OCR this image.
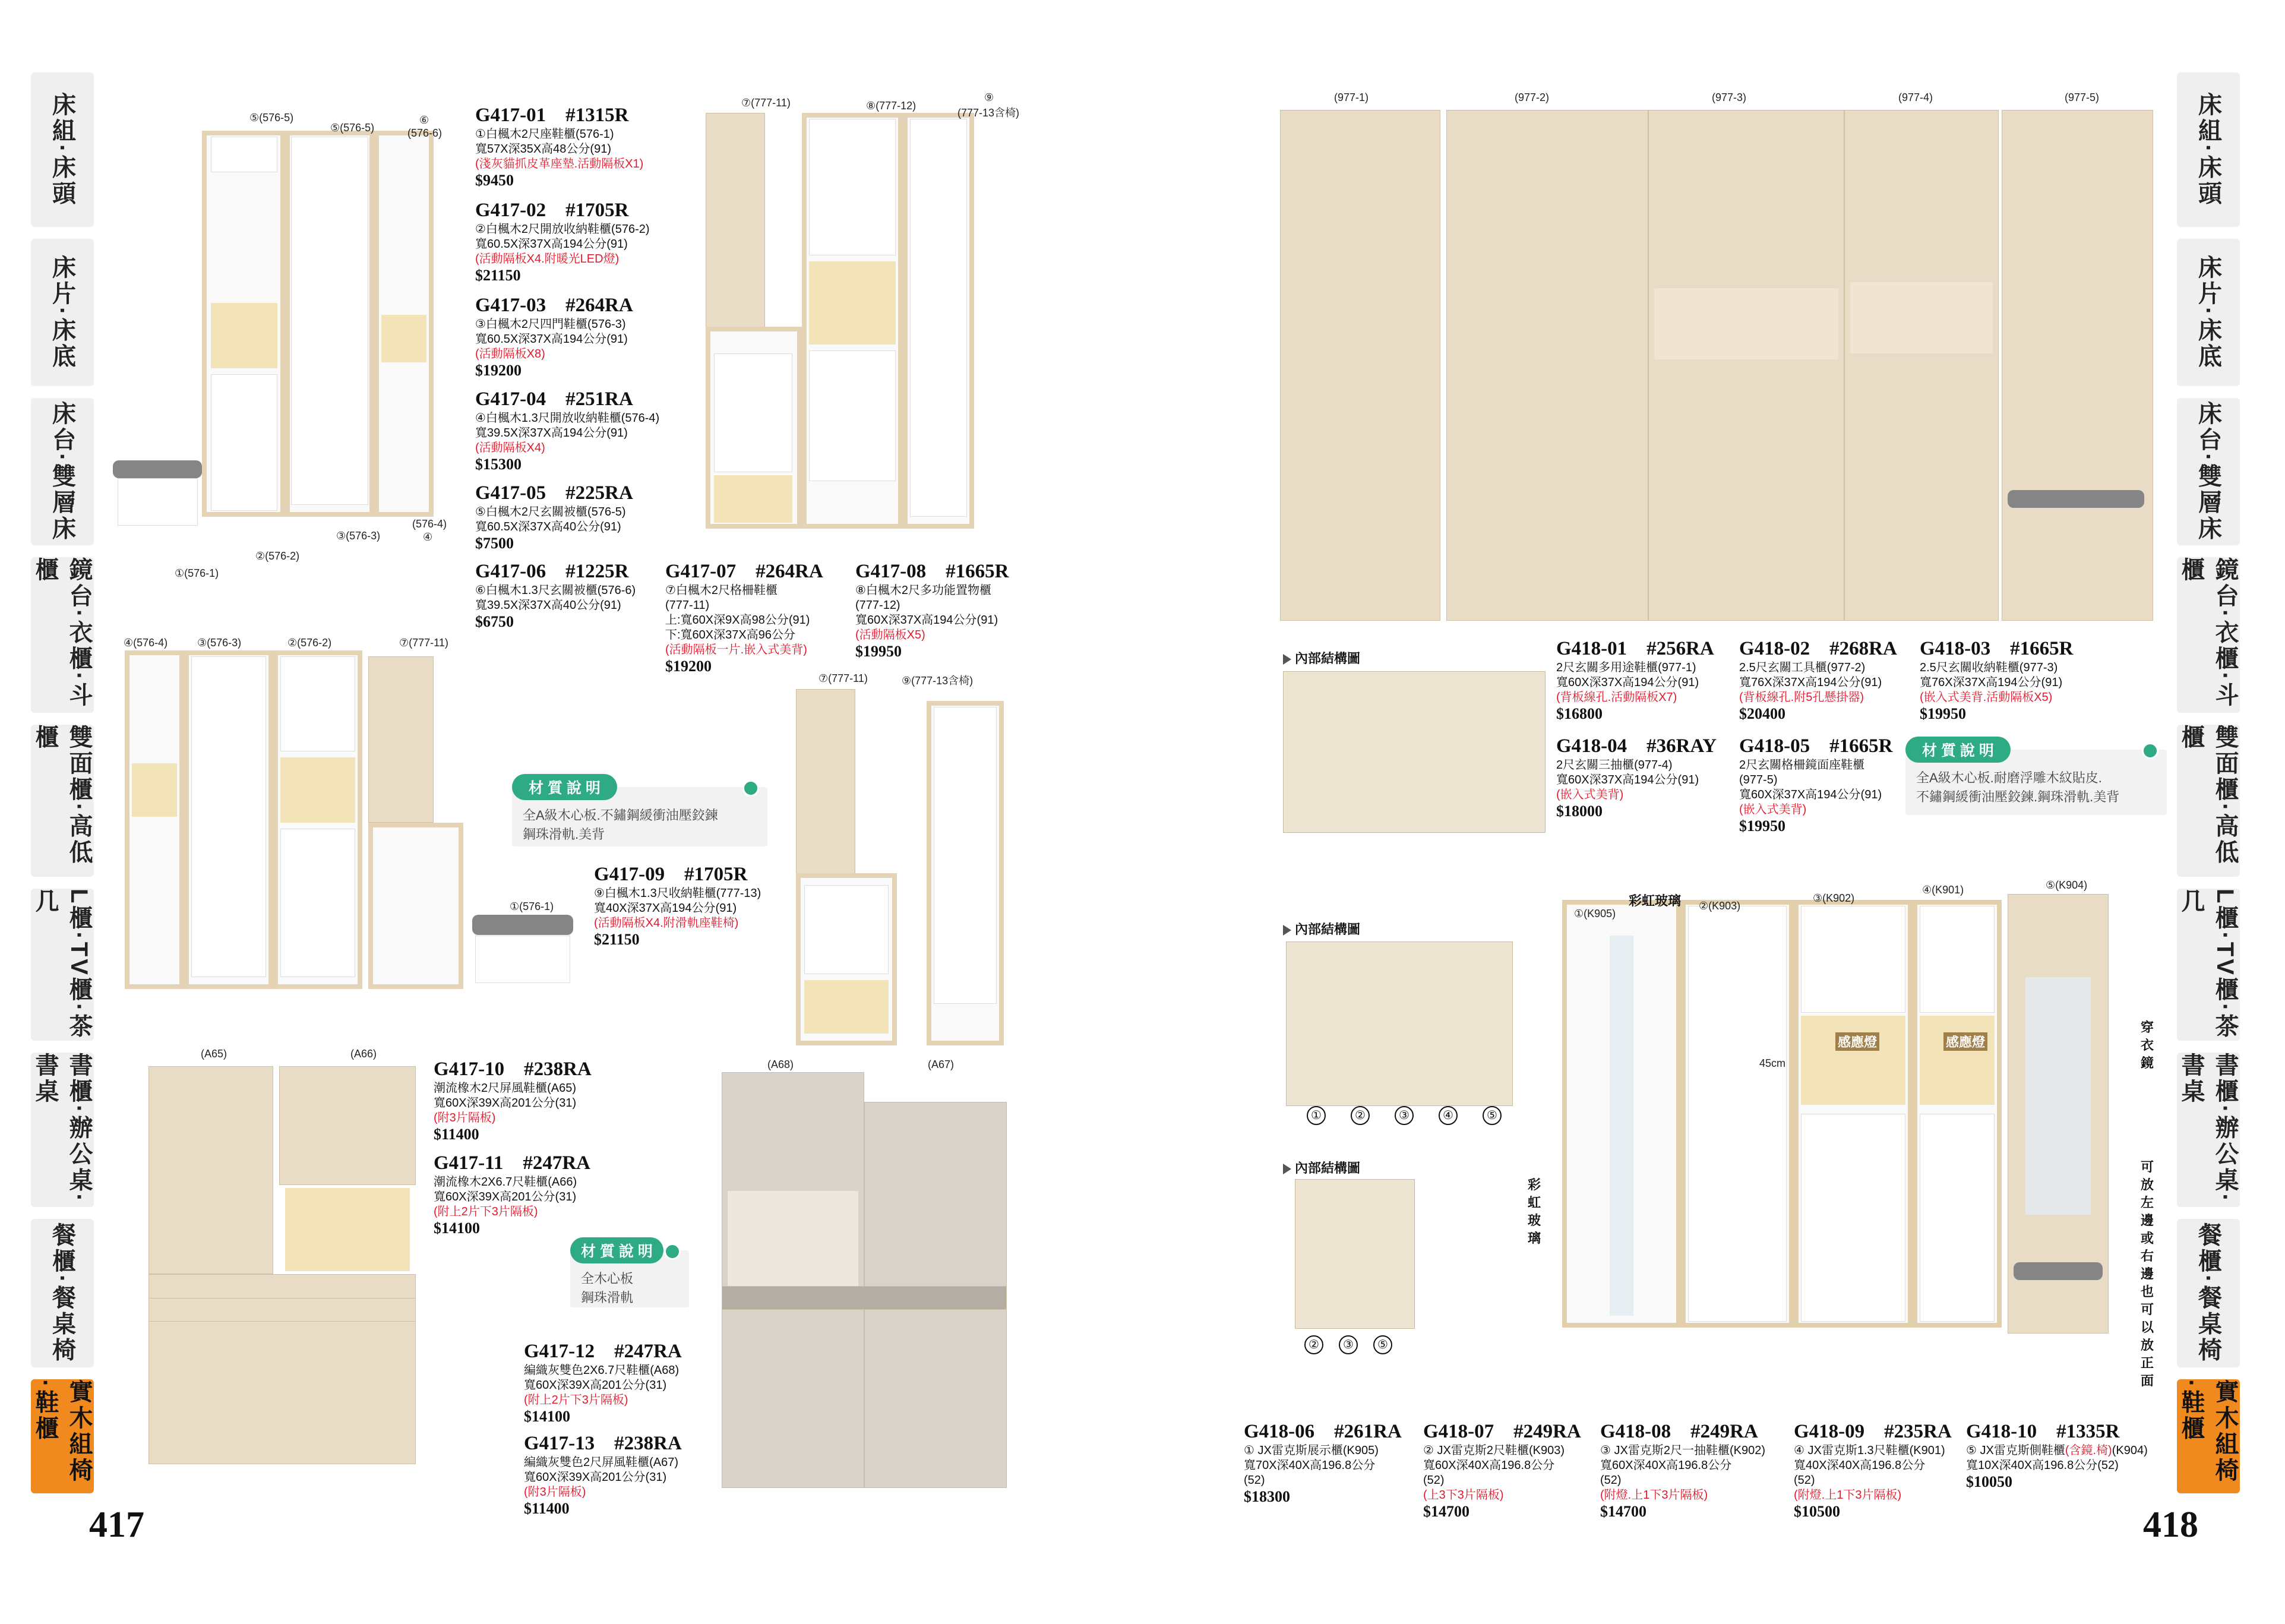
床組·床頭
床片·床底
床台·雙層床
鏡台·衣櫃·斗櫃
雙面櫃·高低櫃
L櫃·TV櫃·茶几
書櫃·辦公桌·書桌
餐櫃·餐桌椅
實木組椅·鞋櫃
床組·床頭
床片·床底
床台·雙層床
鏡台·衣櫃·斗櫃
雙面櫃·高低櫃
L櫃·TV櫃·茶几
書櫃·辦公桌·書桌
餐櫃·餐桌椅
實木組椅·鞋櫃
417	418
⑤(576-5)
⑤(576-5)
⑥
(576-6)
(576-4)
④
③(576-3)
②(576-2)
①(576-1)
G417-01　#1315R
①白楓木2尺座鞋櫃(576-1)
寬57X深35X高48公分(91)
(淺灰貓抓皮革座墊.活動隔板X1)
$9450
G417-02　#1705R
②白楓木2尺開放收納鞋櫃(576-2)
寬60.5X深37X高194公分(91)
(活動隔板X4.附暖光LED燈)
$21150
G417-03　#264RA
③白楓木2尺四門鞋櫃(576-3)
寬60.5X深37X高194公分(91)
(活動隔板X8)
$19200
G417-04　#251RA
④白楓木1.3尺開放收納鞋櫃(576-4)
寬39.5X深37X高194公分(91)
(活動隔板X4)
$15300
G417-05　#225RA
⑤白楓木2尺玄關被櫃(576-5)
寬60.5X深37X高40公分(91)
$7500
G417-06　#1225R
⑥白楓木1.3尺玄關被櫃(576-6)
寬39.5X深37X高40公分(91)
$6750
⑦(777-11)	⑧(777-12)
⑨
(777-13含椅)
G417-07　#264RA
⑦白楓木2尺格柵鞋櫃
(777-11)
上:寬60X深9X高98公分(91)
下:寬60X深37X高96公分
(活動隔板一片.嵌入式美背)
$19200
G417-08　#1665R
⑧白楓木2尺多功能置物櫃
(777-12)
寬60X深37X高194公分(91)
(活動隔板X5)
$19950
④(576-4)	③(576-3)	②(576-2)	⑦(777-11)
①(576-1)
材 質 說 明
全A級木心板.不鏽鋼緩衝油壓鉸鍊
鋼珠滑軌.美背
⑦(777-11)	⑨(777-13含椅)
G417-09　#1705R
⑨白楓木1.3尺收納鞋櫃(777-13)
寬40X深37X高194公分(91)
(活動隔板X4.附滑軌座鞋椅)
$21150
(A65)	(A66)
G417-10　#238RA
潮流橡木2尺屏風鞋櫃(A65)
寬60X深39X高201公分(31)
(附3片隔板)
$11400
G417-11　#247RA
潮流橡木2X6.7尺鞋櫃(A66)
寬60X深39X高201公分(31)
(附上2片下3片隔板)
$14100
材 質 說 明
全木心板
鋼珠滑軌
G417-12　#247RA
編織灰雙色2X6.7尺鞋櫃(A68)
寬60X深39X高201公分(31)
(附上2片下3片隔板)
$14100
G417-13　#238RA
編織灰雙色2尺屏風鞋櫃(A67)
寬60X深39X高201公分(31)
(附3片隔板)
$11400
(A68)	(A67)
(977-1)	(977-2)	(977-3)	(977-4)	(977-5)
內部結構圖	G418-01　#256RA
2尺玄關多用途鞋櫃(977-1)
寬60X深37X高194公分(91)
(背板線孔.活動隔板X7)
$16800
G418-02　#268RA
2.5尺玄關工具櫃(977-2)
寬76X深37X高194公分(91)
(背板線孔.附5孔懸掛器)
$20400
G418-03　#1665R
2.5尺玄關收納鞋櫃(977-3)
寬76X深37X高194公分(91)
(嵌入式美背.活動隔板X5)
$19950
G418-04　#36RAY
2尺玄關三抽櫃(977-4)
寬60X深37X高194公分(91)
(嵌入式美背)
$18000
G418-05　#1665R
2尺玄關格柵鏡面座鞋櫃
(977-5)
寬60X深37X高194公分(91)
(嵌入式美背)
$19950
材 質 說 明
全A級木心板.耐磨浮雕木紋貼皮.
不鏽鋼緩衝油壓鉸鍊.鋼珠滑軌.美背
內部結構圖
①	②	③	④	⑤
內部結構圖
②	③	⑤
①(K905)
②(K903)
③(K902)
④(K901)	⑤(K904)
彩虹玻璃
彩虹玻璃
感應燈	感應燈
45cm
穿衣鏡
可放左邊或右邊也可以放正面
G418-06　#261RA
① JX雷克斯展示櫃(K905)
寬70X深40X高196.8公分
(52)
$18300
G418-07　#249RA
② JX雷克斯2尺鞋櫃(K903)
寬60X深40X高196.8公分
(52)
(上3下3片隔板)
$14700
G418-08　#249RA
③ JX雷克斯2尺一抽鞋櫃(K902)
寬60X深40X高196.8公分
(52)
(附燈.上1下3片隔板)
$14700
G418-09　#235RA
④ JX雷克斯1.3尺鞋櫃(K901)
寬40X深40X高196.8公分
(52)
(附燈.上1下3片隔板)
$10500
G418-10　#1335R
⑤ JX雷克斯側鞋櫃(含鏡.椅)(K904)
寬10X深40X高196.8公分(52)
$10050
